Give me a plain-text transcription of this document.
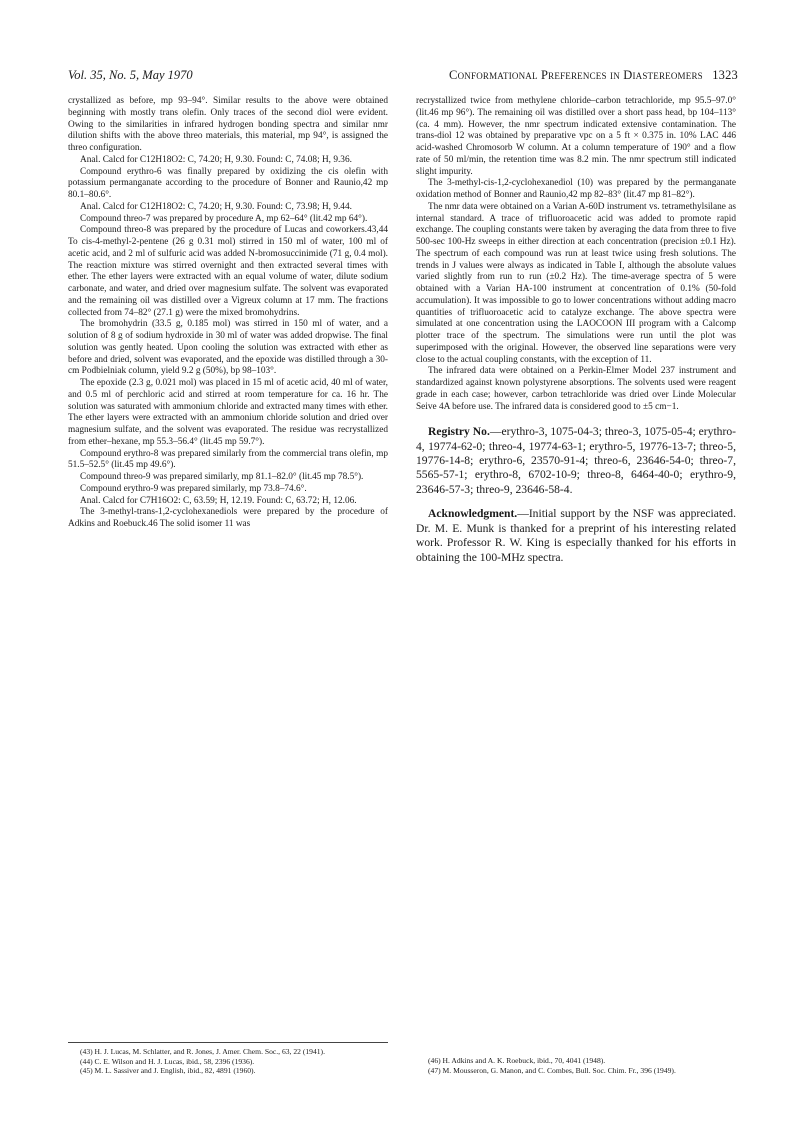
Vol. 35, No. 5, May 1970	Conformational Preferences in Diastereomers 1323

crystallized as before, mp 93–94°. Similar results to the above were obtained beginning with mostly trans olefin. Only traces of the second diol were evident. Owing to the similarities in infrared hydrogen bonding spectra and similar nmr dilution shifts with the above threo materials, this material, mp 94°, is assigned the threo configuration.

Anal. Calcd for C12H18O2: C, 74.20; H, 9.30. Found: C, 74.08; H, 9.36.

Compound erythro-6 was finally prepared by oxidizing the cis olefin with potassium permanganate according to the procedure of Bonner and Raunio,42 mp 80.1–80.6°.

Anal. Calcd for C12H18O2: C, 74.20; H, 9.30. Found: C, 73.98; H, 9.44.

Compound threo-7 was prepared by procedure A, mp 62–64° (lit.42 mp 64°).

Compound threo-8 was prepared by the procedure of Lucas and coworkers.43,44 To cis-4-methyl-2-pentene (26 g 0.31 mol) stirred in 150 ml of water, 100 ml of acetic acid, and 2 ml of sulfuric acid was added N-bromosuccinimide (71 g, 0.4 mol). The reaction mixture was stirred overnight and then extracted several times with ether. The ether layers were extracted with an equal volume of water, dilute sodium carbonate, and water, and dried over magnesium sulfate. The solvent was evaporated and the remaining oil was distilled over a Vigreux column at 17 mm. The fractions collected from 74–82° (27.1 g) were the mixed bromohydrins.

The bromohydrin (33.5 g, 0.185 mol) was stirred in 150 ml of water, and a solution of 8 g of sodium hydroxide in 30 ml of water was added dropwise. The final solution was gently heated. Upon cooling the solution was extracted with ether as before and dried, solvent was evaporated, and the epoxide was distilled through a 30-cm Podbielniak column, yield 9.2 g (50%), bp 98–103°.

The epoxide (2.3 g, 0.021 mol) was placed in 15 ml of acetic acid, 40 ml of water, and 0.5 ml of perchloric acid and stirred at room temperature for ca. 16 hr. The solution was saturated with ammonium chloride and extracted many times with ether. The ether layers were extracted with an ammonium chloride solution and dried over magnesium sulfate, and the solvent was evaporated. The residue was recrystallized from ether–hexane, mp 55.3–56.4° (lit.45 mp 59.7°).

Compound erythro-8 was prepared similarly from the commercial trans olefin, mp 51.5–52.5° (lit.45 mp 49.6°).

Compound threo-9 was prepared similarly, mp 81.1–82.0° (lit.45 mp 78.5°).

Compound erythro-9 was prepared similarly, mp 73.8–74.6°.

Anal. Calcd for C7H16O2: C, 63.59; H, 12.19. Found: C, 63.72; H, 12.06.

The 3-methyl-trans-1,2-cyclohexanediols were prepared by the procedure of Adkins and Roebuck.46 The solid isomer 11 was

recrystallized twice from methylene chloride–carbon tetrachloride, mp 95.5–97.0° (lit.46 mp 96°). The remaining oil was distilled over a short pass head, bp 104–113° (ca. 4 mm). However, the nmr spectrum indicated extensive contamination. The trans-diol 12 was obtained by preparative vpc on a 5 ft × 0.375 in. 10% LAC 446 acid-washed Chromosorb W column. At a column temperature of 190° and a flow rate of 50 ml/min, the retention time was 8.2 min. The nmr spectrum still indicated slight impurity.

The 3-methyl-cis-1,2-cyclohexanediol (10) was prepared by the permanganate oxidation method of Bonner and Raunio,42 mp 82–83° (lit.47 mp 81–82°).

The nmr data were obtained on a Varian A-60D instrument vs. tetramethylsilane as internal standard. A trace of trifluoroacetic acid was added to promote rapid exchange. The coupling constants were taken by averaging the data from three to five 500-sec 100-Hz sweeps in either direction at each concentration (precision ±0.1 Hz). The spectrum of each compound was run at least twice using fresh solutions. The trends in J values were always as indicated in Table I, although the absolute values varied slightly from run to run (±0.2 Hz). The time-average spectra of 5 were obtained with a Varian HA-100 instrument at concentration of 0.1% (50-fold accumulation). It was impossible to go to lower concentrations without adding macro quantities of trifluoroacetic acid to catalyze exchange. The above spectra were simulated at one concentration using the LAOCOON III program with a Calcomp plotter trace of the spectrum. The simulations were run until the plot was superimposed with the original. However, the observed line separations were very close to the actual coupling constants, with the exception of 11.

The infrared data were obtained on a Perkin-Elmer Model 237 instrument and standardized against known polystyrene absorptions. The solvents used were reagent grade in each case; however, carbon tetrachloride was dried over Linde Molecular Seive 4A before use. The infrared data is considered good to ±5 cm−1.

Registry No.—erythro-3, 1075-04-3; threo-3, 1075-05-4; erythro-4, 19774-62-0; threo-4, 19774-63-1; erythro-5, 19776-13-7; threo-5, 19776-14-8; erythro-6, 23570-91-4; threo-6, 23646-54-0; threo-7, 5565-57-1; erythro-8, 6702-10-9; threo-8, 6464-40-0; erythro-9, 23646-57-3; threo-9, 23646-58-4.

Acknowledgment.—Initial support by the NSF was appreciated. Dr. M. E. Munk is thanked for a preprint of his interesting related work. Professor R. W. King is especially thanked for his efforts in obtaining the 100-MHz spectra.

(43) H. J. Lucas, M. Schlatter, and R. Jones, J. Amer. Chem. Soc., 63, 22 (1941).

(44) C. E. Wilson and H. J. Lucas, ibid., 58, 2396 (1936).

(45) M. L. Sassiver and J. English, ibid., 82, 4891 (1960).

(46) H. Adkins and A. K. Roebuck, ibid., 70, 4041 (1948).

(47) M. Mousseron, G. Manon, and C. Combes, Bull. Soc. Chim. Fr., 396 (1949).
